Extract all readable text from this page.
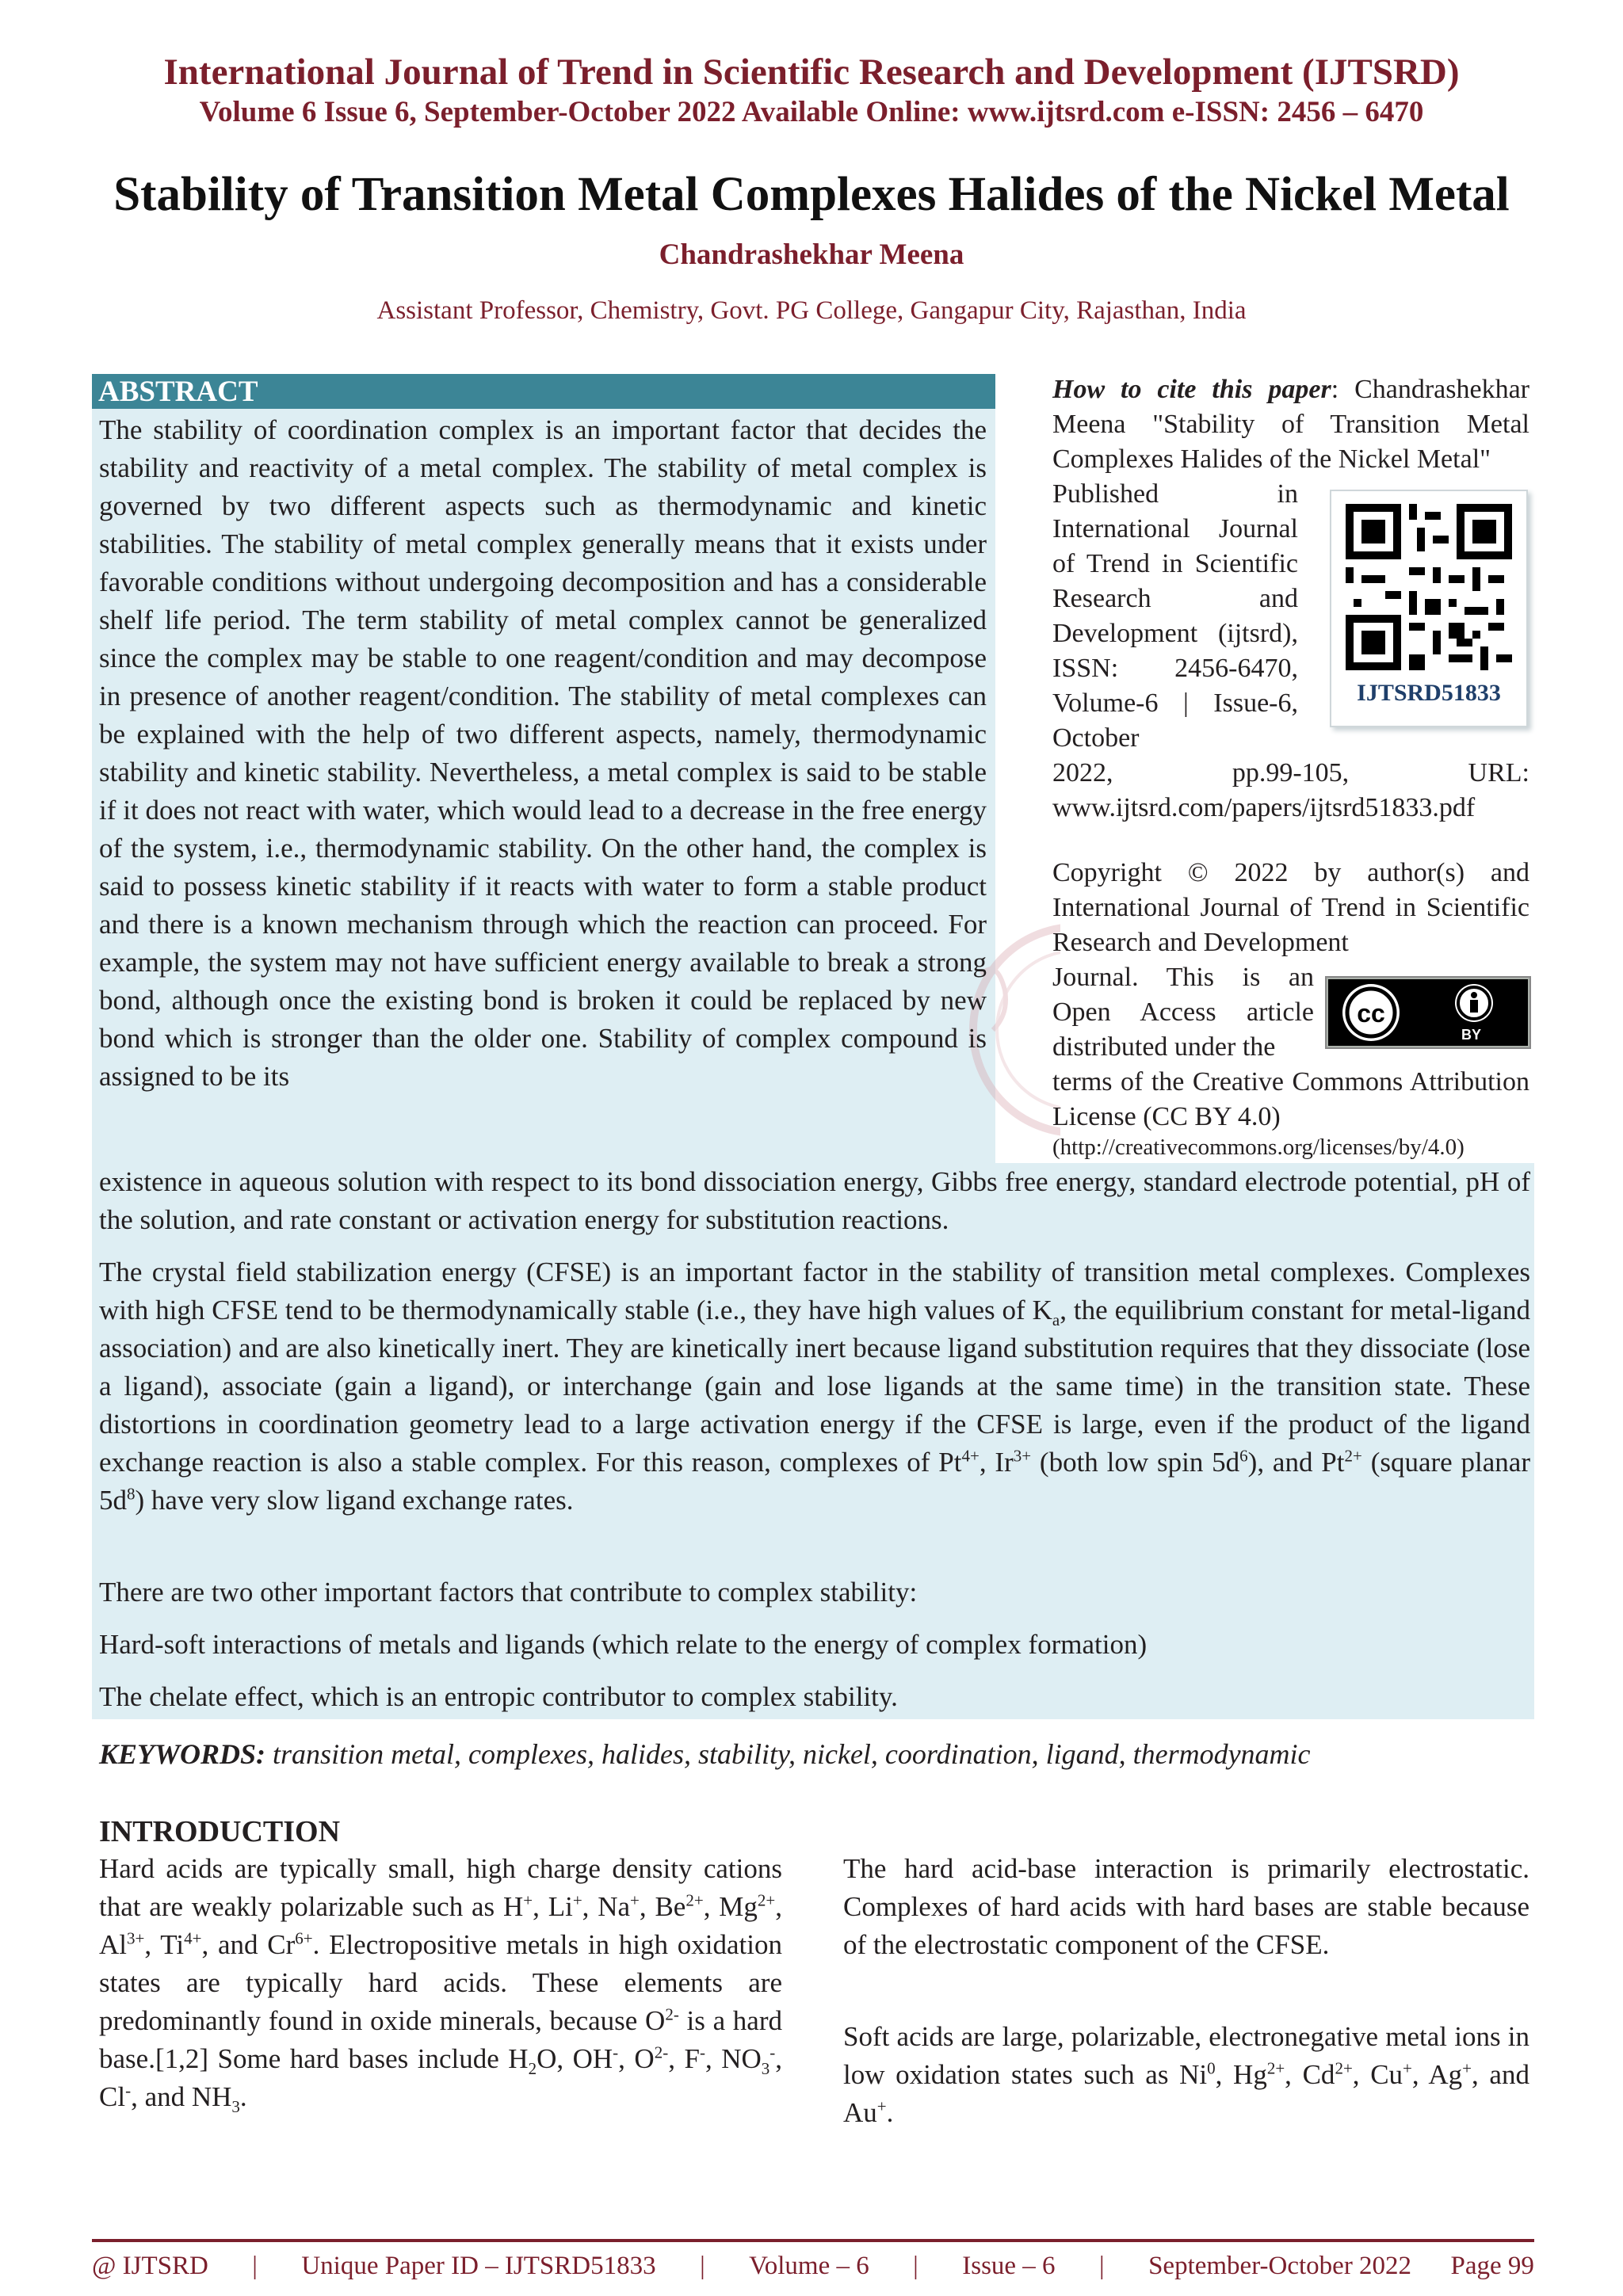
International Journal of Trend in Scientific Research and Development (IJTSRD)
Volume 6 Issue 6, September-October 2022 Available Online: www.ijtsrd.com e-ISSN: 2456 – 6470
Stability of Transition Metal Complexes Halides of the Nickel Metal
Chandrashekhar Meena
Assistant Professor, Chemistry, Govt. PG College, Gangapur City, Rajasthan, India
ABSTRACT

The stability of coordination complex is an important factor that decides the stability and reactivity of a metal complex. The stability of metal complex is governed by two different aspects such as thermodynamic and kinetic stabilities. The stability of metal complex generally means that it exists under favorable conditions without undergoing decomposition and has a considerable shelf life period. The term stability of metal complex cannot be generalized since the complex may be stable to one reagent/condition and may decompose in presence of another reagent/condition. The stability of metal complexes can be explained with the help of two different aspects, namely, thermodynamic stability and kinetic stability. Nevertheless, a metal complex is said to be stable if it does not react with water, which would lead to a decrease in the free energy of the system, i.e., thermodynamic stability. On the other hand, the complex is said to possess kinetic stability if it reacts with water to form a stable product and there is a known mechanism through which the reaction can proceed. For example, the system may not have sufficient energy available to break a strong bond, although once the existing bond is broken it could be replaced by new bond which is stronger than the older one. Stability of complex compound is assigned to be its

existence in aqueous solution with respect to its bond dissociation energy, Gibbs free energy, standard electrode potential, pH of the solution, and rate constant or activation energy for substitution reactions.

The crystal field stabilization energy (CFSE) is an important factor in the stability of transition metal complexes. Complexes with high CFSE tend to be thermodynamically stable (i.e., they have high values of $K_a$, the equilibrium constant for metal-ligand association) and are also kinetically inert. They are kinetically inert because ligand substitution requires that they dissociate (lose a ligand), associate (gain a ligand), or interchange (gain and lose ligands at the same time) in the transition state. These distortions in coordination geometry lead to a large activation energy if the CFSE is large, even if the product of the ligand exchange reaction is also a stable complex. For this reason, complexes of $Pt^{4+}$, $Ir^{3+}$ (both low spin $5d^6$), and $Pt^{2+}$ (square planar $5d^8$) have very slow ligand exchange rates.

There are two other important factors that contribute to complex stability:

Hard-soft interactions of metals and ligands (which relate to the energy of complex formation)

The chelate effect, which is an entropic contributor to complex stability.

How to cite this paper: Chandrashekhar Meena "Stability of Transition Metal Complexes Halides of the Nickel Metal"

Published in International Journal of Trend in Scientific Research and Development (ijtsrd), ISSN: 2456-6470, Volume-6 | Issue-6, October

2022, pp.99-105, URL:
www.ijtsrd.com/papers/ijtsrd51833.pdf
IJTSRD51833

Copyright © 2022 by author(s) and International Journal of Trend in Scientific Research and Development

Journal. This is an Open Access article distributed under the

cc
BY

terms of the Creative Commons Attribution License (CC BY 4.0)

(http://creativecommons.org/licenses/by/4.0)
KEYWORDS: transition metal, complexes, halides, stability, nickel, coordination, ligand, thermodynamic
INTRODUCTION

Hard acids are typically small, high charge density cations that are weakly polarizable such as H+, Li+, Na+, $Be^{2+}$, $Mg^{2+}$, $Al^{3+}$, $Ti^{4+}$, and $Cr^{6+}$. Electropositive metals in high oxidation states are typically hard acids. These elements are predominantly found in oxide minerals, because $O^{2-}$ is a hard base.[1,2] Some hard bases include $H_2O$, OH-, $O^{2-}$, F-, $NO_3^-$, Cl-, and $NH_3$.

The hard acid-base interaction is primarily electrostatic. Complexes of hard acids with hard bases are stable because of the electrostatic component of the CFSE.

Soft acids are large, polarizable, electronegative metal ions in low oxidation states such as Ni$^0$, $Hg^{2+}$, $Cd^{2+}$, Cu+, Ag+, and Au+.

@ IJTSRD | Unique Paper ID – IJTSRD51833 | Volume – 6 | Issue – 6 | September-October 2022 Page 99
